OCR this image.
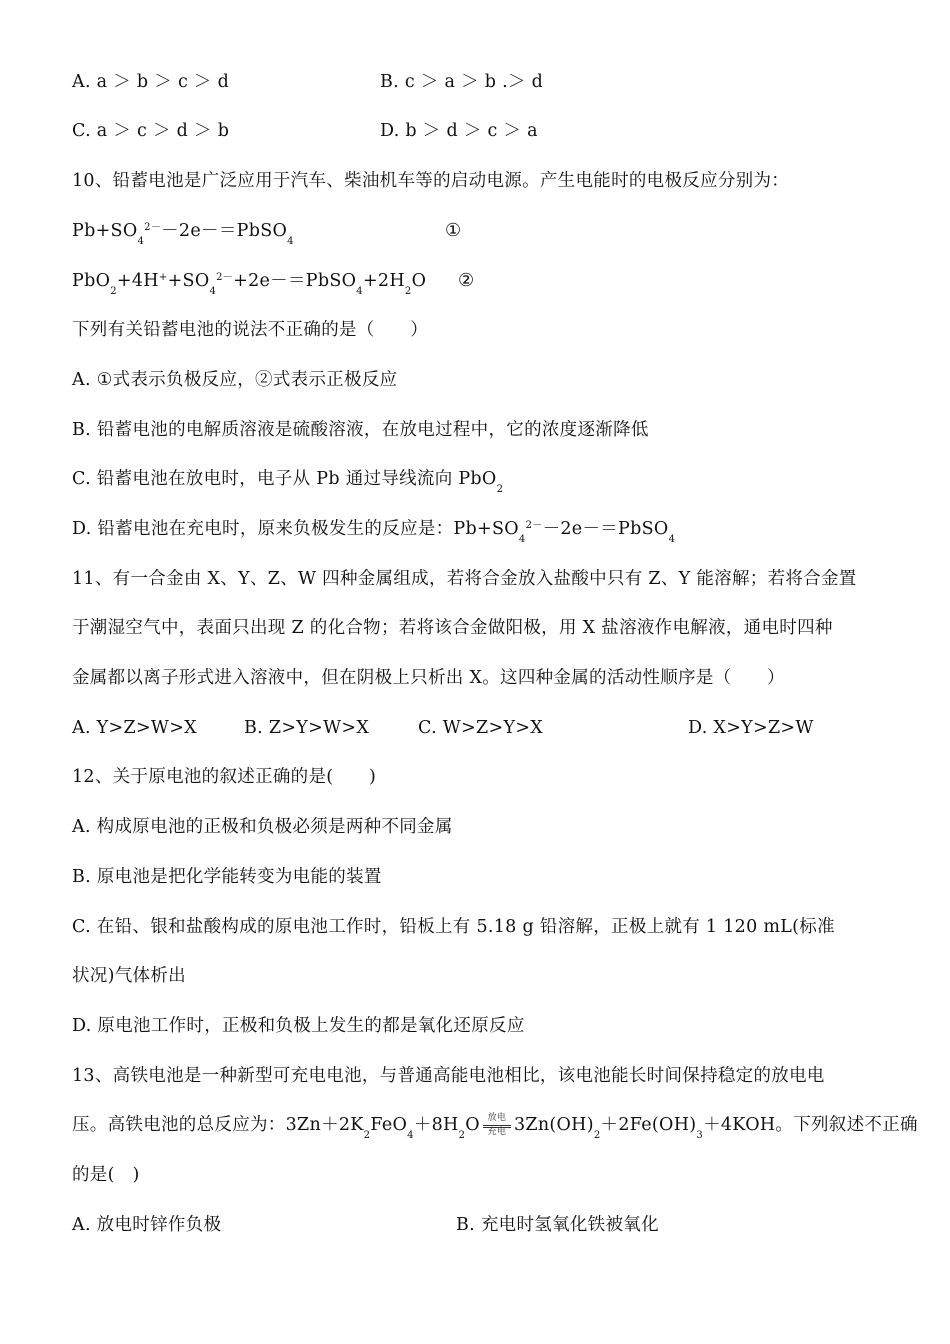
A. a ＞ b ＞ c ＞ d	B. c ＞ a ＞ b .＞ d
C. a ＞ c ＞ d ＞ b	D. b ＞ d ＞ c ＞ a
10、铅蓄电池是广泛应用于汽车、柴油机车等的启动电源。产生电能时的电极反应分别为：
$Pb+SO_4^{2-}-2e-=PbSO_4$
①
$PbO_2+4H^++SO_4^{2-}+2e-=PbSO_4+2H_2O$ ②
下列有关铅蓄电池的说法不正确的是（　　）
A. ①式表示负极反应，②式表示正极反应
B. 铅蓄电池的电解质溶液是硫酸溶液，在放电过程中，它的浓度逐渐降低
C. 铅蓄电池在放电时，电子从 Pb 通过导线流向 PbO$_2$
D. 铅蓄电池在充电时，原来负极发生的反应是：$Pb+SO_4^{2-}-2e-=PbSO_4$
11、有一合金由 X、Y、Z、W 四种金属组成，若将合金放入盐酸中只有 Z、Y 能溶解；若将合金置
于潮湿空气中，表面只出现 Z 的化合物；若将该合金做阳极，用 X 盐溶液作电解液，通电时四种
金属都以离子形式进入溶液中，但在阴极上只析出 X。这四种金属的活动性顺序是（　　）
A. Y>Z>W>X	B. Z>Y>W>X	C. W>Z>Y>X	D. X>Y>Z>W
12、关于原电池的叙述正确的是(　　)
A. 构成原电池的正极和负极必须是两种不同金属
B. 原电池是把化学能转变为电能的装置
C. 在铅、银和盐酸构成的原电池工作时，铅板上有 5.18 g 铅溶解，正极上就有 1 120 mL(标准
状况)气体析出
D. 原电池工作时，正极和负极上发生的都是氧化还原反应
13、高铁电池是一种新型可充电电池，与普通高能电池相比，该电池能长时间保持稳定的放电电
压。高铁电池的总反应为：$3Zn+2K_2FeO_4+8H_2O$ 放电
充电 $3Zn(OH)_2+2Fe(OH)_3+4KOH$。下列叙述不正确
的是(　)
A. 放电时锌作负极	B. 充电时氢氧化铁被氧化
